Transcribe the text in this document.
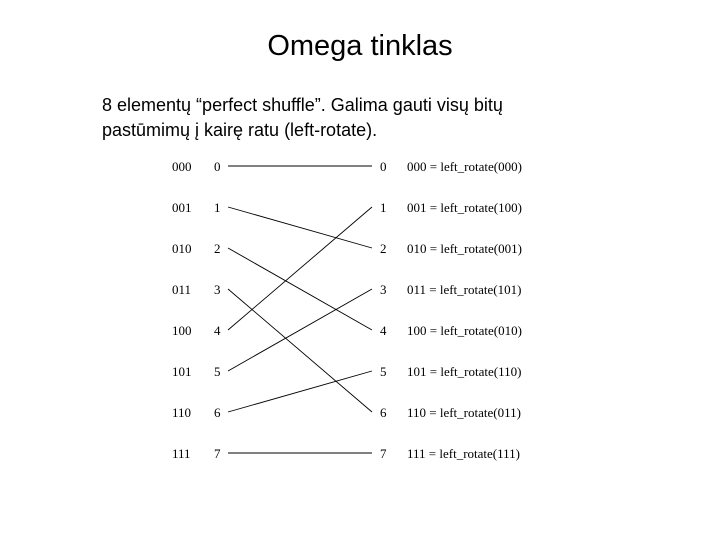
Omega tinklas
8 elementų “perfect shuffle”. Galima gauti visų bitų
pastūmimų į kairę ratu (left-rotate).
000
001
010
011
100
101
110
111
0
1
2
3
4
5
6
7
0
1
2
3
4
5
6
7
000 = left_rotate(000)
001 = left_rotate(100)
010 = left_rotate(001)
011 = left_rotate(101)
100 = left_rotate(010)
101 = left_rotate(110)
110 = left_rotate(011)
111 = left_rotate(111)
